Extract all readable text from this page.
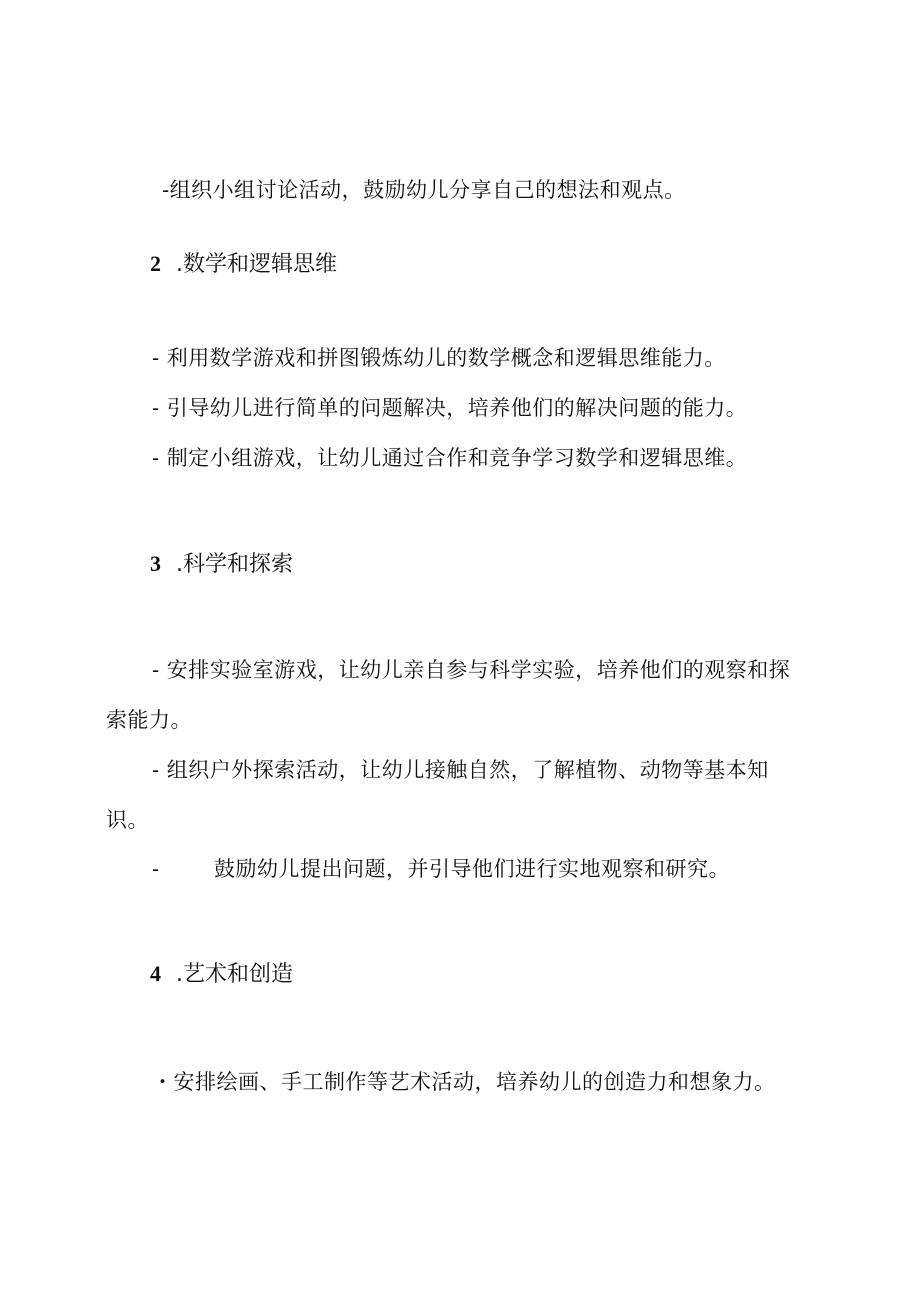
-组织小组讨论活动，鼓励幼儿分享自己的想法和观点。
2 .数学和逻辑思维
- 利用数学游戏和拼图锻炼幼儿的数学概念和逻辑思维能力。
- 引导幼儿进行简单的问题解决，培养他们的解决问题的能力。
- 制定小组游戏，让幼儿通过合作和竞争学习数学和逻辑思维。
3 .科学和探索
- 安排实验室游戏，让幼儿亲自参与科学实验，培养他们的观察和探
索能力。
- 组织户外探索活动，让幼儿接触自然，了解植物、动物等基本知
识。
-	鼓励幼儿提出问题，并引导他们进行实地观察和研究。
4 .艺术和创造
・安排绘画、手工制作等艺术活动，培养幼儿的创造力和想象力。
